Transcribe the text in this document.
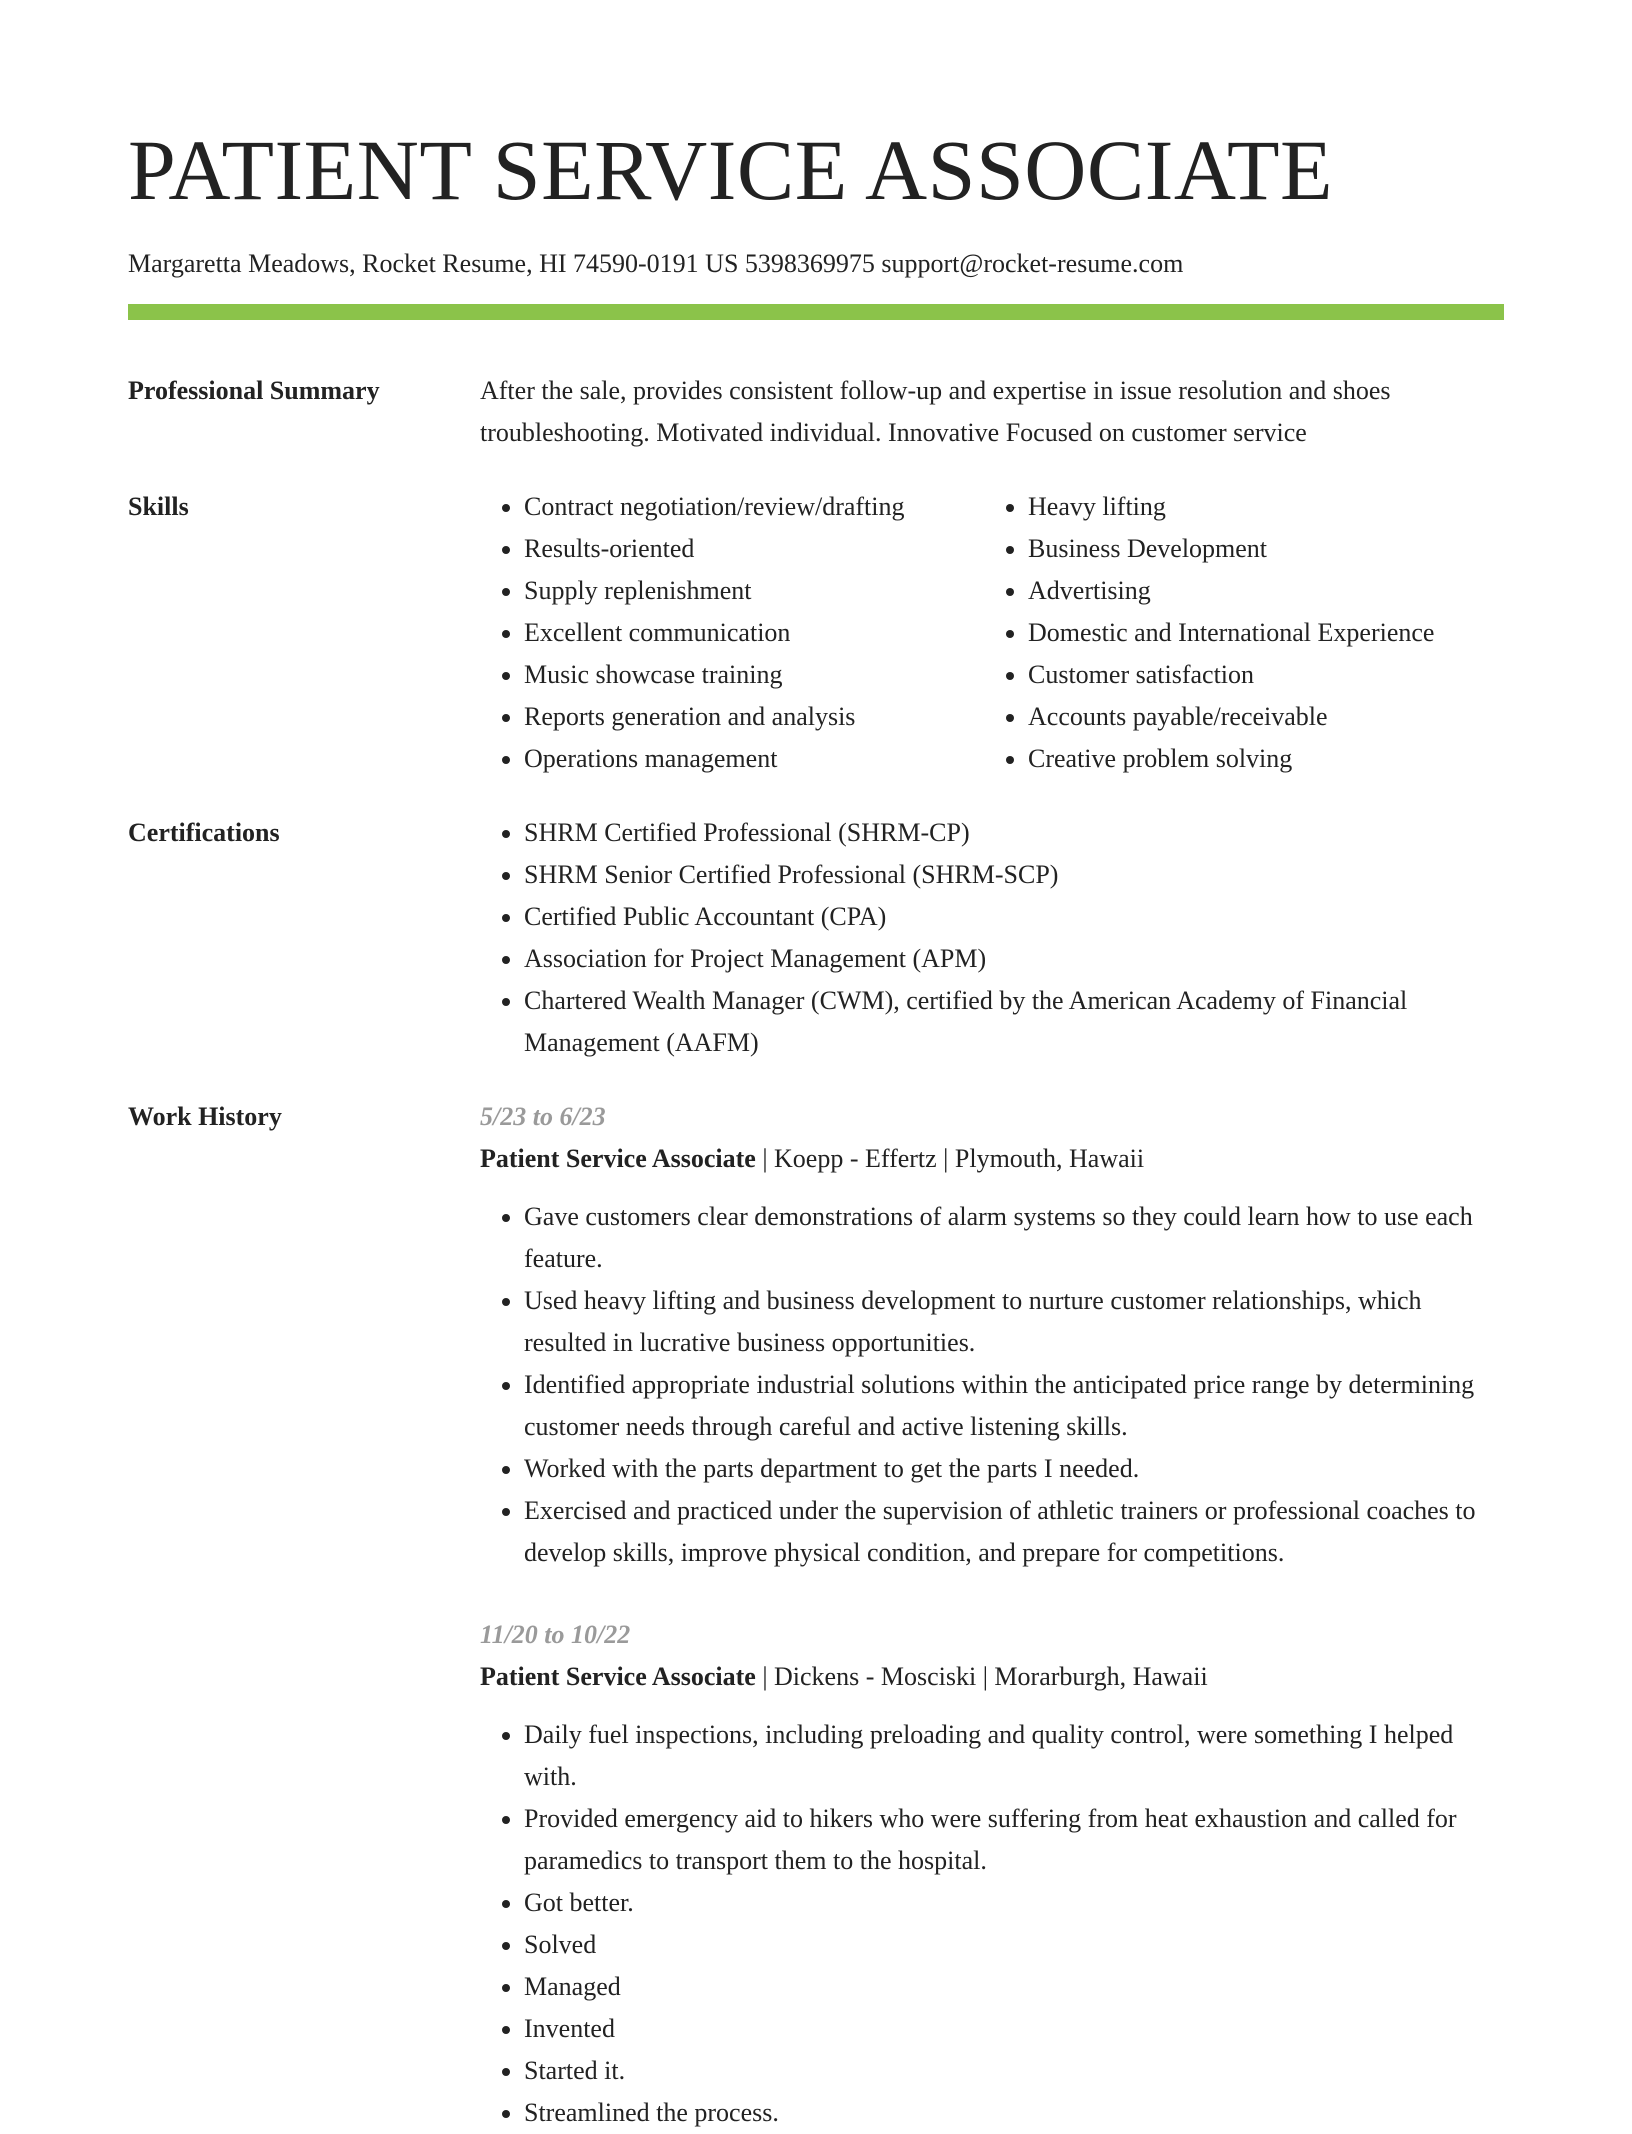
PATIENT SERVICE ASSOCIATE
Margaretta Meadows, Rocket Resume, HI 74590-0191 US 5398369975 support@rocket-resume.com
Professional Summary	After the sale, provides consistent follow-up and expertise in issue resolution and shoes troubleshooting. Motivated individual. Innovative Focused on customer service
Skills	• Contract negotiation/review/drafting
• Results-oriented
• Supply replenishment
• Excellent communication
• Music showcase training
• Reports generation and analysis
• Operations management
• Heavy lifting
• Business Development
• Advertising
• Domestic and International Experience
• Customer satisfaction
• Accounts payable/receivable
• Creative problem solving
Certifications	• SHRM Certified Professional (SHRM-CP)
• SHRM Senior Certified Professional (SHRM-SCP)
• Certified Public Accountant (CPA)
• Association for Project Management (APM)
• Chartered Wealth Manager (CWM), certified by the American Academy of Financial Management (AAFM)
Work History	5/23 to 6/23
Patient Service Associate | Koepp - Effertz | Plymouth, Hawaii
• Gave customers clear demonstrations of alarm systems so they could learn how to use each feature.
• Used heavy lifting and business development to nurture customer relationships, which resulted in lucrative business opportunities.
• Identified appropriate industrial solutions within the anticipated price range by determining customer needs through careful and active listening skills.
• Worked with the parts department to get the parts I needed.
• Exercised and practiced under the supervision of athletic trainers or professional coaches to develop skills, improve physical condition, and prepare for competitions.
11/20 to 10/22
Patient Service Associate | Dickens - Mosciski | Morarburgh, Hawaii
• Daily fuel inspections, including preloading and quality control, were something I helped with.
• Provided emergency aid to hikers who were suffering from heat exhaustion and called for paramedics to transport them to the hospital.
• Got better.
• Solved
• Managed
• Invented
• Started it.
• Streamlined the process.
